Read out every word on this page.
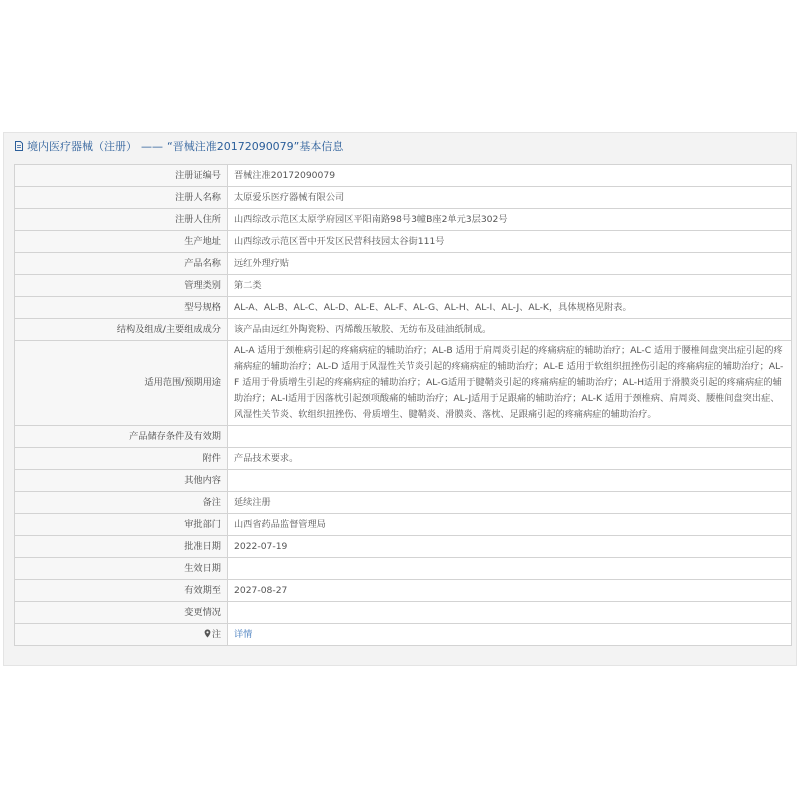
境内医疗器械（注册） —— “晋械注准20172090079”基本信息
注册证编号	晋械注准20172090079
注册人名称	太原爱乐医疗器械有限公司
注册人住所	山西综改示范区太原学府园区平阳南路98号3幢B座2单元3层302号
生产地址	山西综改示范区晋中开发区民营科技园太谷街111号
产品名称	远红外理疗贴
管理类别	第二类
型号规格	AL-A、AL-B、AL-C、AL-D、AL-E、AL-F、AL-G、AL-H、AL-I、AL-J、AL-K，具体规格见附表。
结构及组成/主要组成成分	该产品由远红外陶瓷粉、丙烯酸压敏胶、无纺布及硅油纸制成。
适用范围/预期用途	AL-A 适用于颈椎病引起的疼痛病症的辅助治疗；AL-B 适用于肩周炎引起的疼痛病症的辅助治疗；AL-C 适用于腰椎间盘突出症引起的疼痛病症的辅助治疗；AL-D 适用于风湿性关节炎引起的疼痛病症的辅助治疗；AL-E 适用于软组织扭挫伤引起的疼痛病症的辅助治疗；AL-F 适用于骨质增生引起的疼痛病症的辅助治疗；AL-G适用于腱鞘炎引起的疼痛病症的辅助治疗；AL-H适用于滑膜炎引起的疼痛病症的辅助治疗；AL-I适用于因落枕引起颈项酸痛的辅助治疗；AL-J适用于足跟痛的辅助治疗；AL-K 适用于颈椎病、肩周炎、腰椎间盘突出症、风湿性关节炎、软组织扭挫伤、骨质增生、腱鞘炎、滑膜炎、落枕、足跟痛引起的疼痛病症的辅助治疗。
产品储存条件及有效期	
附件	产品技术要求。
其他内容	
备注	延续注册
审批部门	山西省药品监督管理局
批准日期	2022-07-19
生效日期	
有效期至	2027-08-27
变更情况	
注	详情
